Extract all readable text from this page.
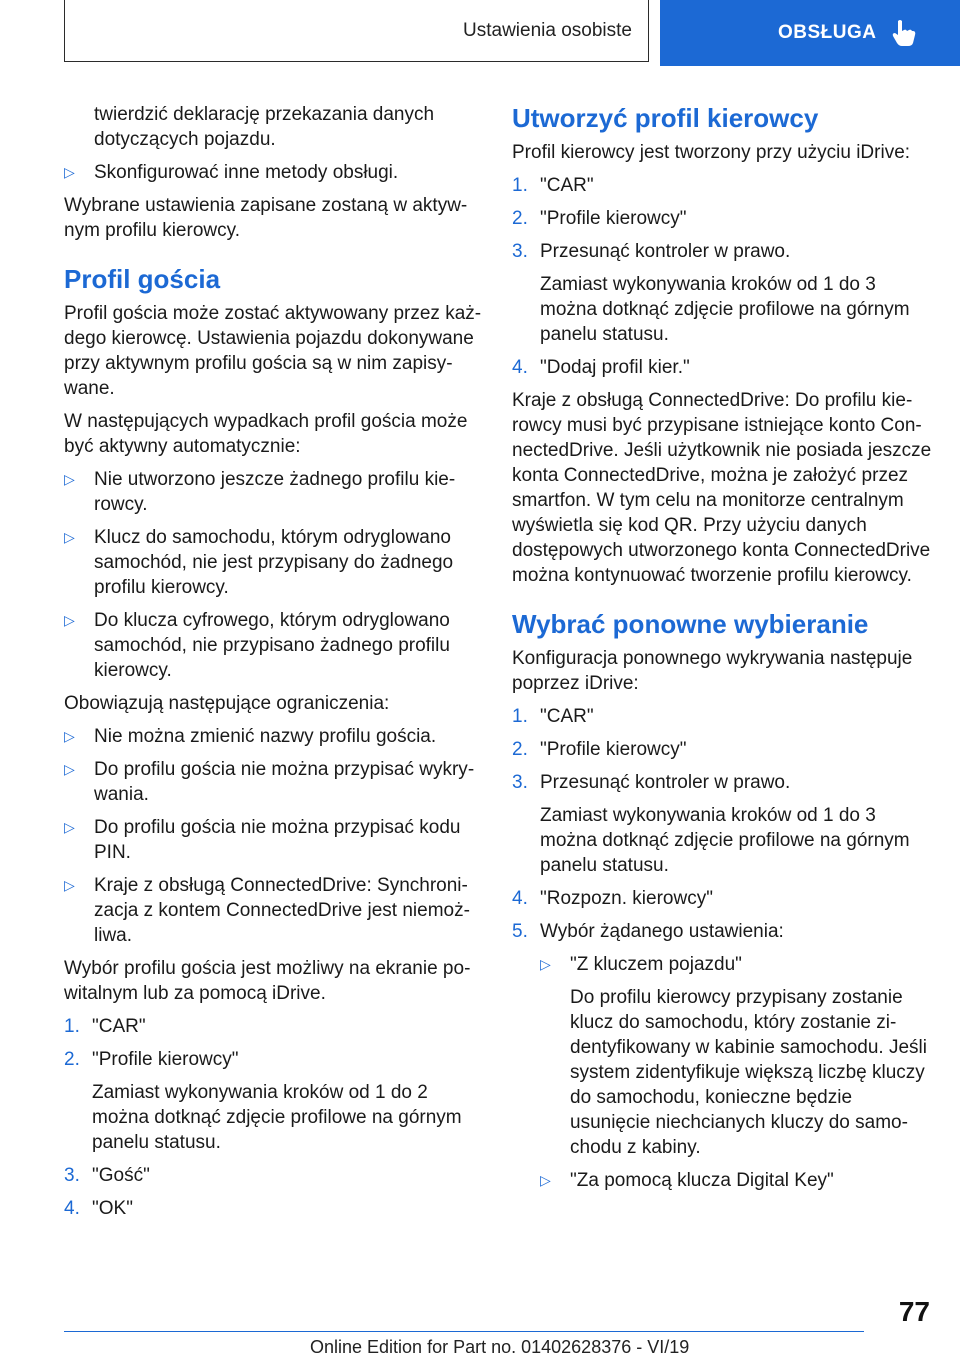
Ustawienia osobiste	OBSŁUGA
twierdzić deklarację przekazania danych dotyczących pojazdu.
▷	Skonfigurować inne metody obsługi.
Wybrane ustawienia zapisane zostaną w aktywnym profilu kierowcy.
Profil gościa
Profil gościa może zostać aktywowany przez każdego kierowcę. Ustawienia pojazdu dokonywane przy aktywnym profilu gościa są w nim zapisywane.
W następujących wypadkach profil gościa może być aktywny automatycznie:
▷	Nie utworzono jeszcze żadnego profilu kierowcy.
▷	Klucz do samochodu, którym odryglowano samochód, nie jest przypisany do żadnego profilu kierowcy.
▷	Do klucza cyfrowego, którym odryglowano samochód, nie przypisano żadnego profilu kierowcy.
Obowiązują następujące ograniczenia:
▷	Nie można zmienić nazwy profilu gościa.
▷	Do profilu gościa nie można przypisać wykrywania.
▷	Do profilu gościa nie można przypisać kodu PIN.
▷	Kraje z obsługą ConnectedDrive: Synchronizacja z kontem ConnectedDrive jest niemożliwa.
Wybór profilu gościa jest możliwy na ekranie powitalnym lub za pomocą iDrive.
1. "CAR"
2. "Profile kierowcy"
Zamiast wykonywania kroków od 1 do 2 można dotknąć zdjęcie profilowe na górnym panelu statusu.
3. "Gość"
4. "OK"
Utworzyć profil kierowcy
Profil kierowcy jest tworzony przy użyciu iDrive:
1. "CAR"
2. "Profile kierowcy"
3. Przesunąć kontroler w prawo.
Zamiast wykonywania kroków od 1 do 3 można dotknąć zdjęcie profilowe na górnym panelu statusu.
4. "Dodaj profil kier."
Kraje z obsługą ConnectedDrive: Do profilu kierowcy musi być przypisane istniejące konto ConnectedDrive. Jeśli użytkownik nie posiada jeszcze konta ConnectedDrive, można je założyć przez smartfon. W tym celu na monitorze centralnym wyświetla się kod QR. Przy użyciu danych dostępowych utworzonego konta ConnectedDrive można kontynuować tworzenie profilu kierowcy.
Wybrać ponowne wybieranie
Konfiguracja ponownego wykrywania następuje poprzez iDrive:
1. "CAR"
2. "Profile kierowcy"
3. Przesunąć kontroler w prawo.
Zamiast wykonywania kroków od 1 do 3 można dotknąć zdjęcie profilowe na górnym panelu statusu.
4. "Rozpozn. kierowcy"
5. Wybór żądanego ustawienia:
▷	"Z kluczem pojazdu"
Do profilu kierowcy przypisany zostanie klucz do samochodu, który zostanie zidentyfikowany w kabinie samochodu. Jeśli system zidentyfikuje większą liczbę kluczy do samochodu, konieczne będzie usunięcie niechcianych kluczy do samochodu z kabiny.
▷	"Za pomocą klucza Digital Key"
77
Online Edition for Part no. 01402628376 - VI/19
